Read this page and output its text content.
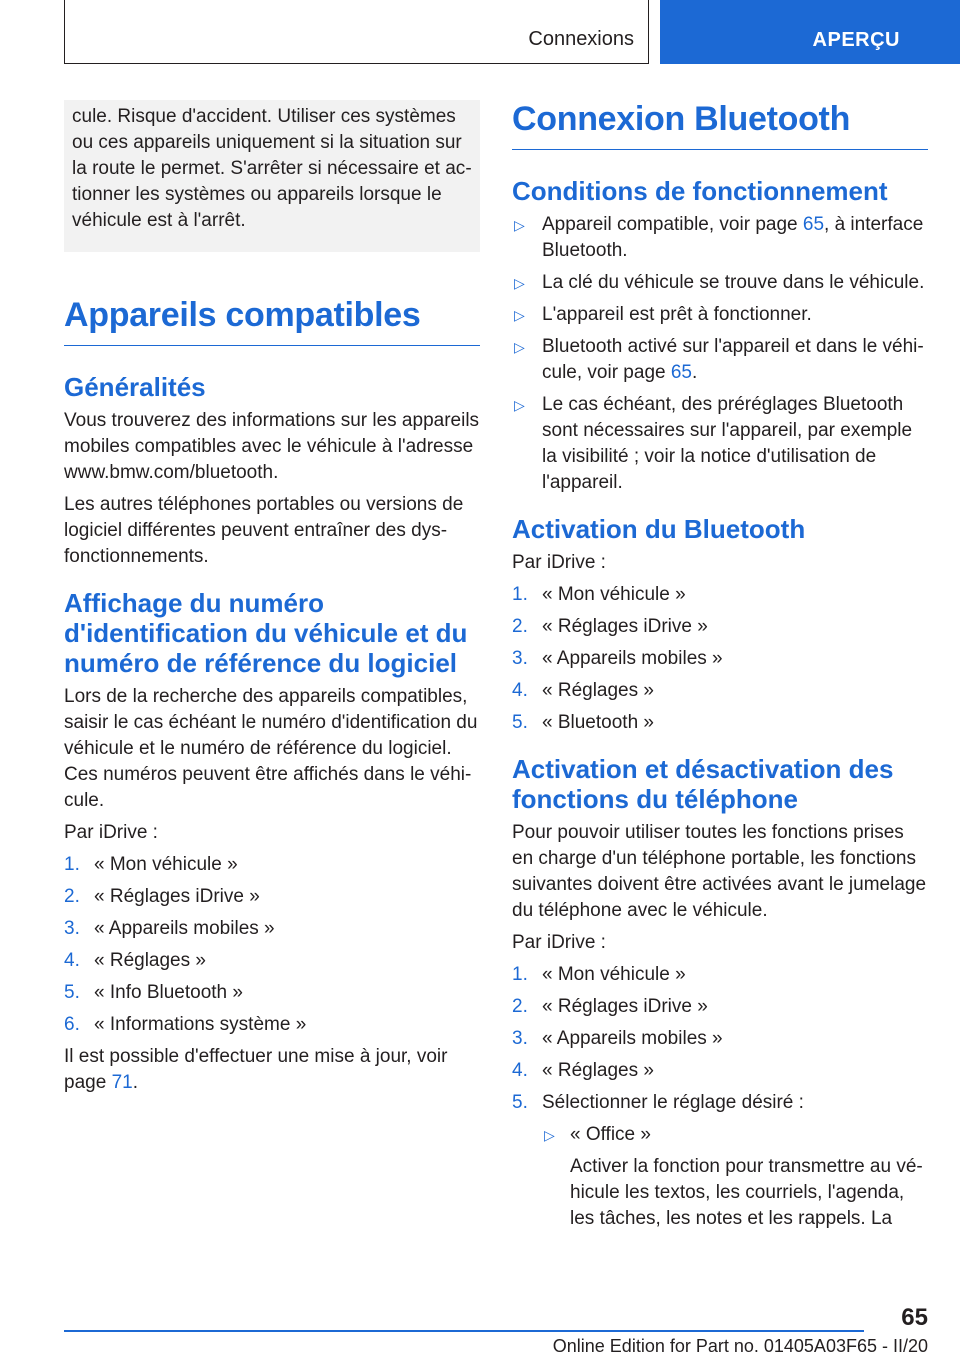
Connexions	APERÇU
cule. Risque d'accident. Utiliser ces systèmes ou ces appareils uniquement si la situation sur la route le permet. S'arrêter si nécessaire et actionner les systèmes ou appareils lorsque le véhicule est à l'arrêt.
Appareils compatibles
Généralités

Vous trouverez des informations sur les appareils mobiles compatibles avec le véhicule à l'adresse www.bmw.com/bluetooth.

Les autres téléphones portables ou versions de logiciel différentes peuvent entraîner des dysfonctionnements.

Affichage du numéro d'identification du véhicule et du numéro de référence du logiciel

Lors de la recherche des appareils compatibles, saisir le cas échéant le numéro d'identification du véhicule et le numéro de référence du logiciel. Ces numéros peuvent être affichés dans le véhicule.

Par iDrive :

1. « Mon véhicule »
2. « Réglages iDrive »
3. « Appareils mobiles »
4. « Réglages »
5. « Info Bluetooth »
6. « Informations système »

Il est possible d'effectuer une mise à jour, voir page 71.

Connexion Bluetooth
Conditions de fonctionnement
▷ Appareil compatible, voir page 65, à interface Bluetooth.
▷ La clé du véhicule se trouve dans le véhicule.
▷ L'appareil est prêt à fonctionner.
▷ Bluetooth activé sur l'appareil et dans le véhicule, voir page 65.
▷ Le cas échéant, des préréglages Bluetooth sont nécessaires sur l'appareil, par exemple la visibilité ; voir la notice d'utilisation de l'appareil.
Activation du Bluetooth

Par iDrive :

1. « Mon véhicule »
2. « Réglages iDrive »
3. « Appareils mobiles »
4. « Réglages »
5. « Bluetooth »
Activation et désactivation des fonctions du téléphone

Pour pouvoir utiliser toutes les fonctions prises en charge d'un téléphone portable, les fonctions suivantes doivent être activées avant le jumelage du téléphone avec le véhicule.

Par iDrive :

1. « Mon véhicule »
2. « Réglages iDrive »
3. « Appareils mobiles »
4. « Réglages »
5. Sélectionner le réglage désiré :
▷ « Office »
Activer la fonction pour transmettre au véhicule les textos, les courriels, l'agenda, les tâches, les notes et les rappels. La
65
Online Edition for Part no. 01405A03F65 - II/20
